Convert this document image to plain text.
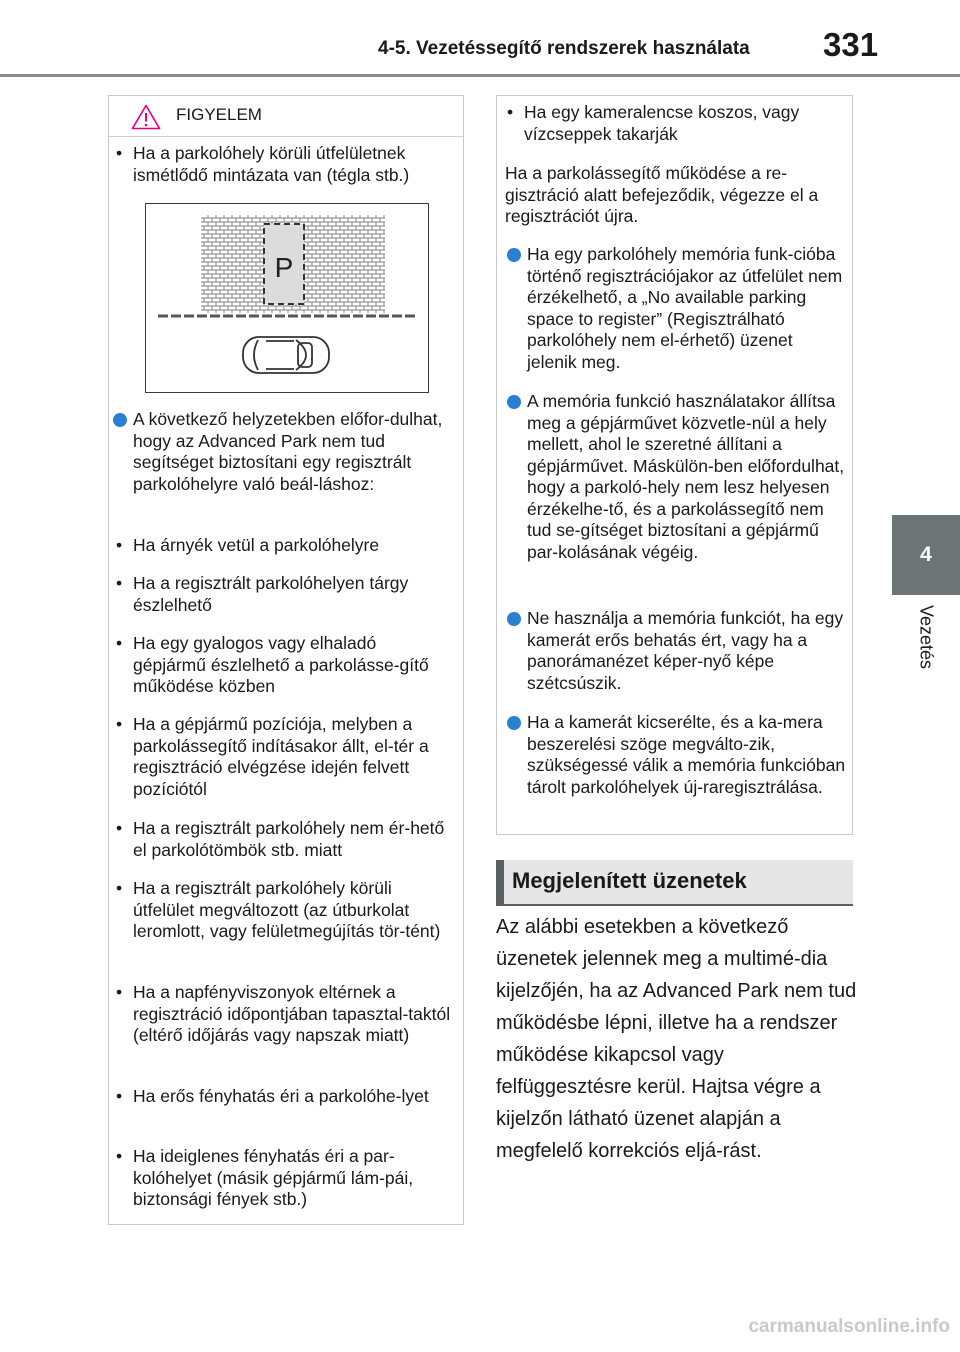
4-5. Vezetéssegítő rendszerek használata	331
4
Vezetés
FIGYELEM
• Ha a parkolóhely körüli útfelületnek ismétlődő mintázata van (tégla stb.)
P
A következő helyzetekben előfor-dulhat, hogy az Advanced Park nem tud segítséget biztosítani egy regisztrált parkolóhelyre való beál-láshoz:
• Ha árnyék vetül a parkolóhelyre
• Ha a regisztrált parkolóhelyen tárgy észlelhető
• Ha egy gyalogos vagy elhaladó gépjármű észlelhető a parkolásse-gítő működése közben
• Ha a gépjármű pozíciója, melyben a parkolássegítő indításakor állt, el-tér a regisztráció elvégzése idején felvett pozíciótól
• Ha a regisztrált parkolóhely nem ér-hető el parkolótömbök stb. miatt
• Ha a regisztrált parkolóhely körüli útfelület megváltozott (az útburkolat leromlott, vagy felületmegújítás tör-tént)
• Ha a napfényviszonyok eltérnek a regisztráció időpontjában tapasztal-taktól (eltérő időjárás vagy napszak miatt)
• Ha erős fényhatás éri a parkolóhe-lyet
• Ha ideiglenes fényhatás éri a par-kolóhelyet (másik gépjármű lám-pái, biztonsági fények stb.)
• Ha egy kameralencse koszos, vagy vízcseppek takarják
Ha a parkolássegítő működése a re-gisztráció alatt befejeződik, végezze el a regisztrációt újra.
Ha egy parkolóhely memória funk-cióba történő regisztrációjakor az útfelület nem érzékelhető, a „No available parking space to register” (Regisztrálható parkolóhely nem el-érhető) üzenet jelenik meg.
A memória funkció használatakor állítsa meg a gépjárművet közvetle-nül a hely mellett, ahol le szeretné állítani a gépjárművet. Máskülön-ben előfordulhat, hogy a parkoló-hely nem lesz helyesen érzékelhe-tő, és a parkolássegítő nem tud se-gítséget biztosítani a gépjármű par-kolásának végéig.
Ne használja a memória funkciót, ha egy kamerát erős behatás ért, vagy ha a panorámanézet képer-nyő képe szétcsúszik.
Ha a kamerát kicserélte, és a ka-mera beszerelési szöge megválto-zik, szükségessé válik a memória funkcióban tárolt parkolóhelyek új-raregisztrálása.
Megjelenített üzenetek
Az alábbi esetekben a következő üzenetek jelennek meg a multimé-dia kijelzőjén, ha az Advanced Park nem tud működésbe lépni, illetve ha a rendszer működése kikapcsol vagy felfüggesztésre kerül. Hajtsa végre a kijelzőn látható üzenet alapján a megfelelő korrekciós eljá-rást.
carmanualsonline.info
